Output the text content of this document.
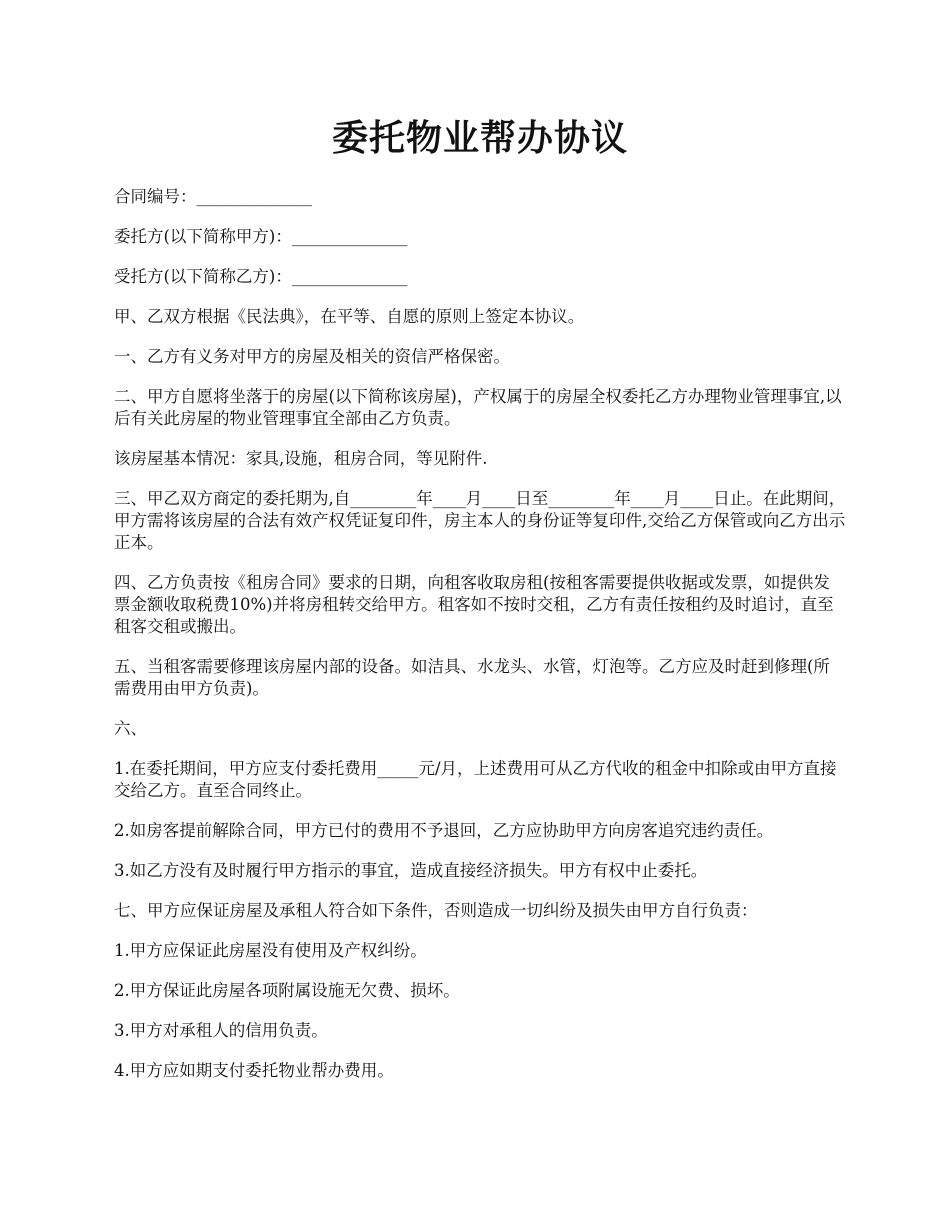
委托物业帮办协议

合同编号：______________

委托方(以下简称甲方)：______________

受托方(以下简称乙方)：______________

甲、乙双方根据《民法典》，在平等、自愿的原则上签定本协议。

一、乙方有义务对甲方的房屋及相关的资信严格保密。

二、甲方自愿将坐落于的房屋(以下简称该房屋)，产权属于的房屋全权委托乙方办理物业管理事宜,以后有关此房屋的物业管理事宜全部由乙方负责。

该房屋基本情况：家具,设施，租房合同，等见附件.

三、甲乙双方商定的委托期为,自________年____月____日至________年____月____日止。在此期间，甲方需将该房屋的合法有效产权凭证复印件，房主本人的身份证等复印件,交给乙方保管或向乙方出示正本。

四、乙方负责按《租房合同》要求的日期，向租客收取房租(按租客需要提供收据或发票，如提供发票金额收取税费10%)并将房租转交给甲方。租客如不按时交租，乙方有责任按租约及时追讨，直至租客交租或搬出。

五、当租客需要修理该房屋内部的设备。如洁具、水龙头、水管，灯泡等。乙方应及时赶到修理(所需费用由甲方负责)。

六、

1.在委托期间，甲方应支付委托费用_____元/月，上述费用可从乙方代收的租金中扣除或由甲方直接交给乙方。直至合同终止。

2.如房客提前解除合同，甲方已付的费用不予退回，乙方应协助甲方向房客追究违约责任。

3.如乙方没有及时履行甲方指示的事宜，造成直接经济损失。甲方有权中止委托。

七、甲方应保证房屋及承租人符合如下条件，否则造成一切纠纷及损失由甲方自行负责：

1.甲方应保证此房屋没有使用及产权纠纷。

2.甲方保证此房屋各项附属设施无欠费、损坏。

3.甲方对承租人的信用负责。

4.甲方应如期支付委托物业帮办费用。
